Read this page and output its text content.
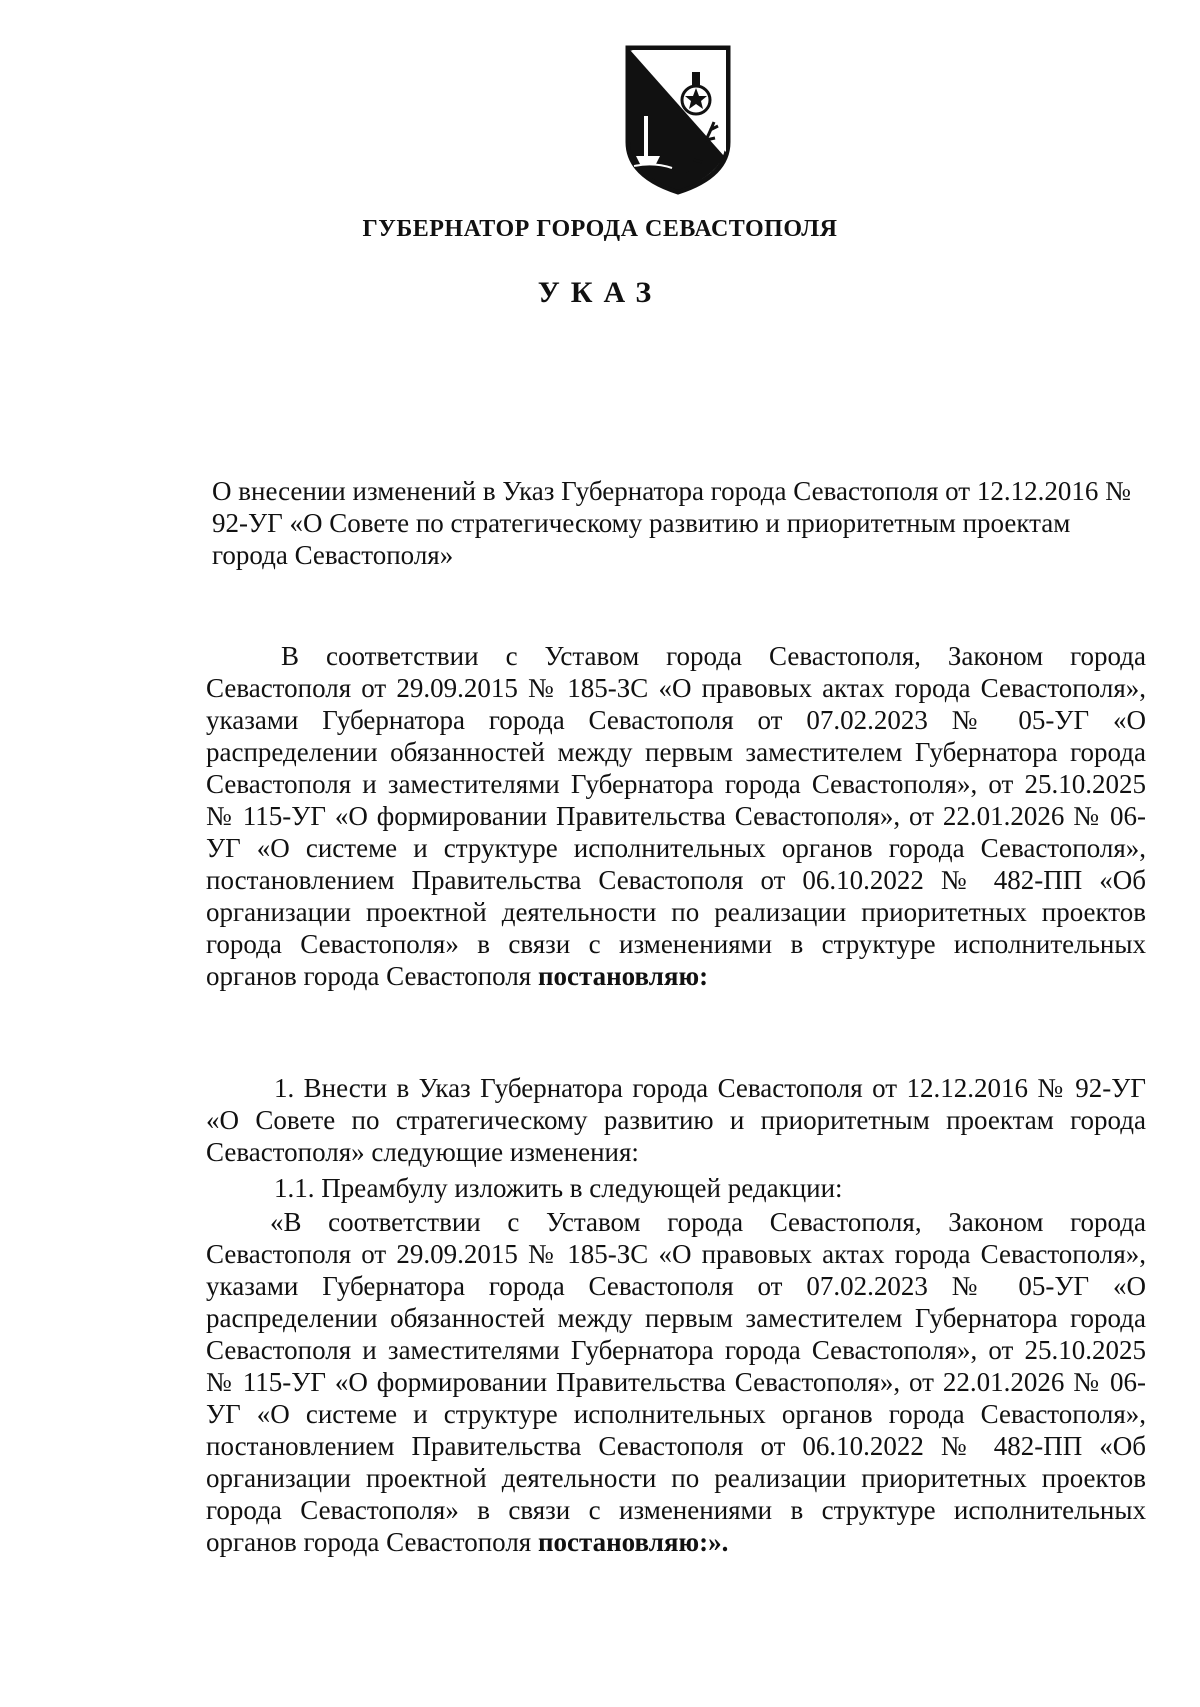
ГУБЕРНАТОР ГОРОДА СЕВАСТОПОЛЯ
УКАЗ
О внесении изменений в Указ Губернатора города Севастополя от 12.12.2016 № 92-УГ «О Совете по стратегическому развитию и приоритетным проектам города Севастополя»
В соответствии с Уставом города Севастополя, Законом города Севастополя от 29.09.2015 № 185-ЗС «О правовых актах города Севастополя», указами Губернатора города Севастополя от 07.02.2023 № 05-УГ «О распределении обязанностей между первым заместителем Губернатора города Севастополя и заместителями Губернатора города Севастополя», от 25.10.2025 № 115-УГ «О формировании Правительства Севастополя», от 22.01.2026 № 06-УГ «О системе и структуре исполнительных органов города Севастополя», постановлением Правительства Севастополя от 06.10.2022 № 482-ПП «Об организации проектной деятельности по реализации приоритетных проектов города Севастополя» в связи с изменениями в структуре исполнительных органов города Севастополя постановляю:
1. Внести в Указ Губернатора города Севастополя от 12.12.2016 № 92-УГ «О Совете по стратегическому развитию и приоритетным проектам города Севастополя» следующие изменения:
1.1. Преамбулу изложить в следующей редакции:
«В соответствии с Уставом города Севастополя, Законом города Севастополя от 29.09.2015 № 185-ЗС «О правовых актах города Севастополя», указами Губернатора города Севастополя от 07.02.2023 № 05-УГ «О распределении обязанностей между первым заместителем Губернатора города Севастополя и заместителями Губернатора города Севастополя», от 25.10.2025 № 115-УГ «О формировании Правительства Севастополя», от 22.01.2026 № 06-УГ «О системе и структуре исполнительных органов города Севастополя», постановлением Правительства Севастополя от 06.10.2022 № 482-ПП «Об организации проектной деятельности по реализации приоритетных проектов города Севастополя» в связи с изменениями в структуре исполнительных органов города Севастополя постановляю:».
